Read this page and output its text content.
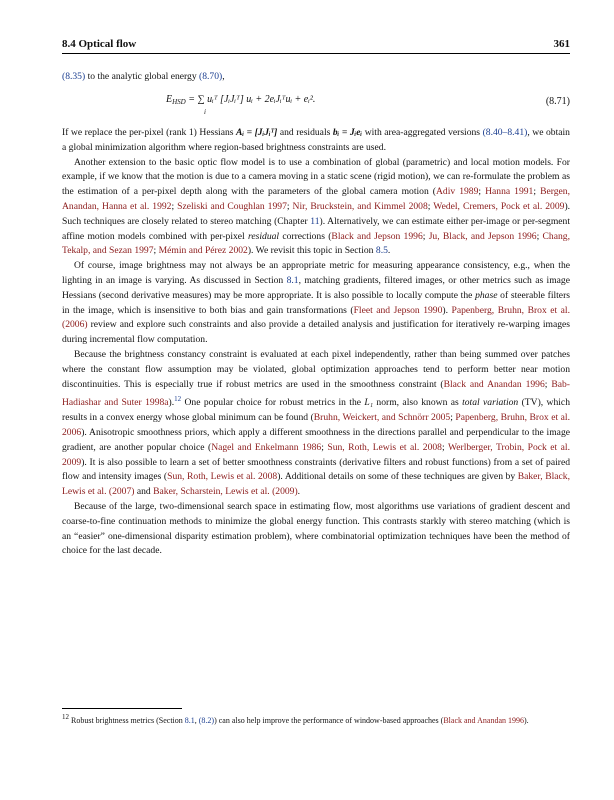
8.4 Optical flow	361

(8.35) to the analytic global energy (8.70),

$E_{HSD}$ = ∑ uᵢᵀ [JᵢJᵢᵀ] uᵢ + 2eᵢJᵢᵀuᵢ + eᵢ².
i
(8.71)

If we replace the per-pixel (rank 1) Hessians Aᵢ = [JᵢJᵢᵀ] and residuals bᵢ = Jᵢeᵢ with area-aggregated versions (8.40–8.41), we obtain a global minimization algorithm where region-based brightness constraints are used.

Another extension to the basic optic flow model is to use a combination of global (parametric) and local motion models. For example, if we know that the motion is due to a camera moving in a static scene (rigid motion), we can re-formulate the problem as the estimation of a per-pixel depth along with the parameters of the global camera motion (Adiv 1989; Hanna 1991; Bergen, Anandan, Hanna et al. 1992; Szeliski and Coughlan 1997; Nir, Bruckstein, and Kimmel 2008; Wedel, Cremers, Pock et al. 2009). Such techniques are closely related to stereo matching (Chapter 11). Alternatively, we can estimate either per-image or per-segment affine motion models combined with per-pixel residual corrections (Black and Jepson 1996; Ju, Black, and Jepson 1996; Chang, Tekalp, and Sezan 1997; Mémin and Pérez 2002). We revisit this topic in Section 8.5.

Of course, image brightness may not always be an appropriate metric for measuring appearance consistency, e.g., when the lighting in an image is varying. As discussed in Section 8.1, matching gradients, filtered images, or other metrics such as image Hessians (second derivative measures) may be more appropriate. It is also possible to locally compute the phase of steerable filters in the image, which is insensitive to both bias and gain transformations (Fleet and Jepson 1990). Papenberg, Bruhn, Brox et al. (2006) review and explore such constraints and also provide a detailed analysis and justification for iteratively re-warping images during incremental flow computation.

Because the brightness constancy constraint is evaluated at each pixel independently, rather than being summed over patches where the constant flow assumption may be violated, global optimization approaches tend to perform better near motion discontinuities. This is especially true if robust metrics are used in the smoothness constraint (Black and Anandan 1996; Bab-Hadiashar and Suter 1998a).$^{12}$ One popular choice for robust metrics in the L₁ norm, also known as total variation (TV), which results in a convex energy whose global minimum can be found (Bruhn, Weickert, and Schnörr 2005; Papenberg, Bruhn, Brox et al. 2006). Anisotropic smoothness priors, which apply a different smoothness in the directions parallel and perpendicular to the image gradient, are another popular choice (Nagel and Enkelmann 1986; Sun, Roth, Lewis et al. 2008; Werlberger, Trobin, Pock et al. 2009). It is also possible to learn a set of better smoothness constraints (derivative filters and robust functions) from a set of paired flow and intensity images (Sun, Roth, Lewis et al. 2008). Additional details on some of these techniques are given by Baker, Black, Lewis et al. (2007) and Baker, Scharstein, Lewis et al. (2009).

Because of the large, two-dimensional search space in estimating flow, most algorithms use variations of gradient descent and coarse-to-fine continuation methods to minimize the global energy function. This contrasts starkly with stereo matching (which is an “easier” one-dimensional disparity estimation problem), where combinatorial optimization techniques have been the method of choice for the last decade.

12 Robust brightness metrics (Section 8.1, (8.2)) can also help improve the performance of window-based approaches (Black and Anandan 1996).
